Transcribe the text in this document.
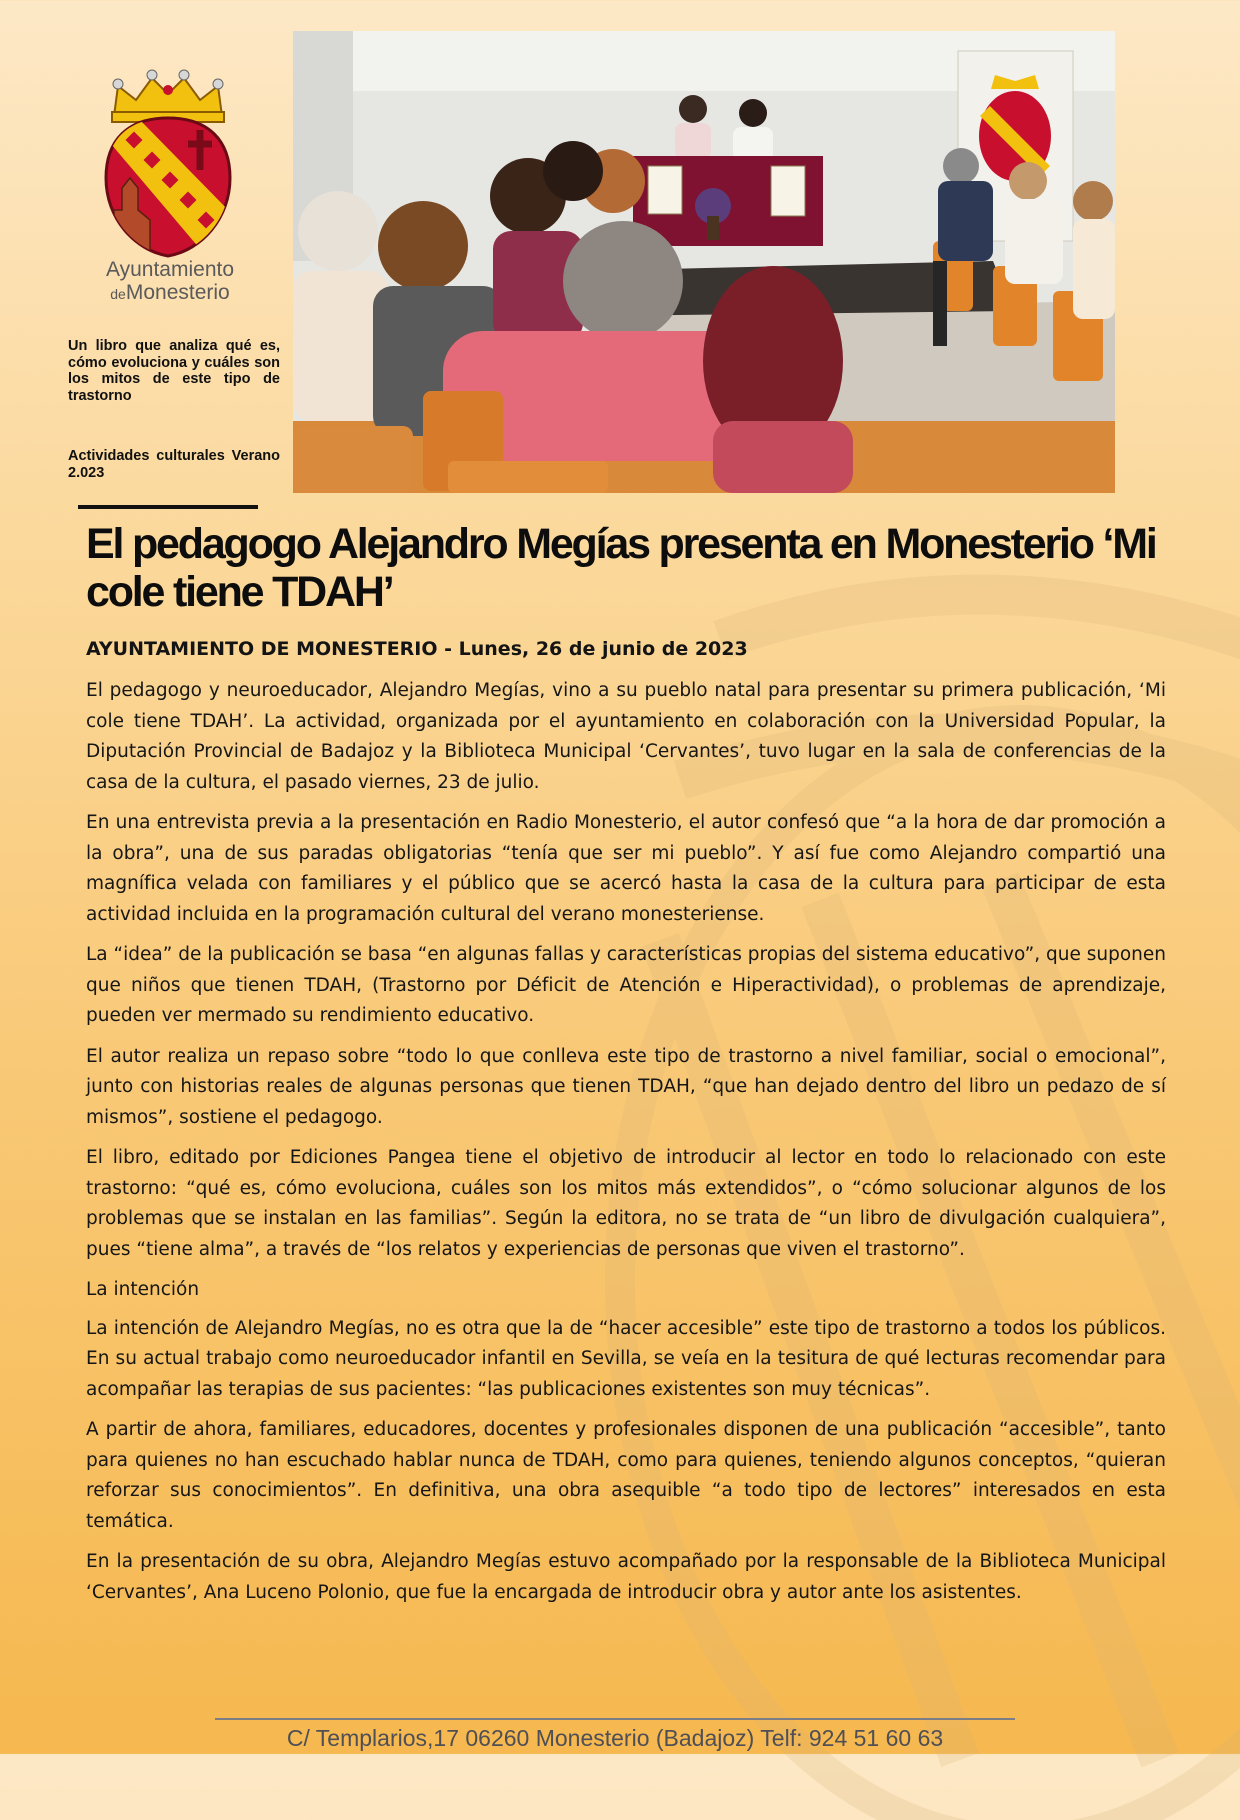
Ayuntamiento
deMonesterio
Un libro que analiza qué es, cómo evoluciona y cuáles son los mitos de este tipo de trastorno
Actividades culturales Verano 2.023
El pedagogo Alejandro Megías presenta en Monesterio ‘Mi cole tiene TDAH’
AYUNTAMIENTO DE MONESTERIO - Lunes, 26 de junio de 2023

El pedagogo y neuroeducador, Alejandro Megías, vino a su pueblo natal para presentar su primera publicación, ‘Mi cole tiene TDAH’. La actividad, organizada por el ayuntamiento en colaboración con la Universidad Popular, la Diputación Provincial de Badajoz y la Biblioteca Municipal ‘Cervantes’, tuvo lugar en la sala de conferencias de la casa de la cultura, el pasado viernes, 23 de julio.

En una entrevista previa a la presentación en Radio Monesterio, el autor confesó que “a la hora de dar promoción a la obra”, una de sus paradas obligatorias “tenía que ser mi pueblo”. Y así fue como Alejandro compartió una magnífica velada con familiares y el público que se acercó hasta la casa de la cultura para participar de esta actividad incluida en la programación cultural del verano monesteriense.

La “idea” de la publicación se basa “en algunas fallas y características propias del sistema educativo”, que suponen que niños que tienen TDAH, (Trastorno por Déficit de Atención e Hiperactividad), o problemas de aprendizaje, pueden ver mermado su rendimiento educativo.

El autor realiza un repaso sobre “todo lo que conlleva este tipo de trastorno a nivel familiar, social o emocional”, junto con historias reales de algunas personas que tienen TDAH, “que han dejado dentro del libro un pedazo de sí mismos”, sostiene el pedagogo.

El libro, editado por Ediciones Pangea tiene el objetivo de introducir al lector en todo lo relacionado con este trastorno: “qué es, cómo evoluciona, cuáles son los mitos más extendidos”, o “cómo solucionar algunos de los problemas que se instalan en las familias”. Según la editora, no se trata de “un libro de divulgación cualquiera”, pues “tiene alma”, a través de “los relatos y experiencias de personas que viven el trastorno”.

La intención

La intención de Alejandro Megías, no es otra que la de “hacer accesible” este tipo de trastorno a todos los públicos. En su actual trabajo como neuroeducador infantil en Sevilla, se veía en la tesitura de qué lecturas recomendar para acompañar las terapias de sus pacientes: “las publicaciones existentes son muy técnicas”.

A partir de ahora, familiares, educadores, docentes y profesionales disponen de una publicación “accesible”, tanto para quienes no han escuchado hablar nunca de TDAH, como para quienes, teniendo algunos conceptos, “quieran reforzar sus conocimientos”. En definitiva, una obra asequible “a todo tipo de lectores” interesados en esta temática.

En la presentación de su obra, Alejandro Megías estuvo acompañado por la responsable de la Biblioteca Municipal ‘Cervantes’, Ana Luceno Polonio, que fue la encargada de introducir obra y autor ante los asistentes.

C/ Templarios,17 06260 Monesterio (Badajoz) Telf: 924 51 60 63
